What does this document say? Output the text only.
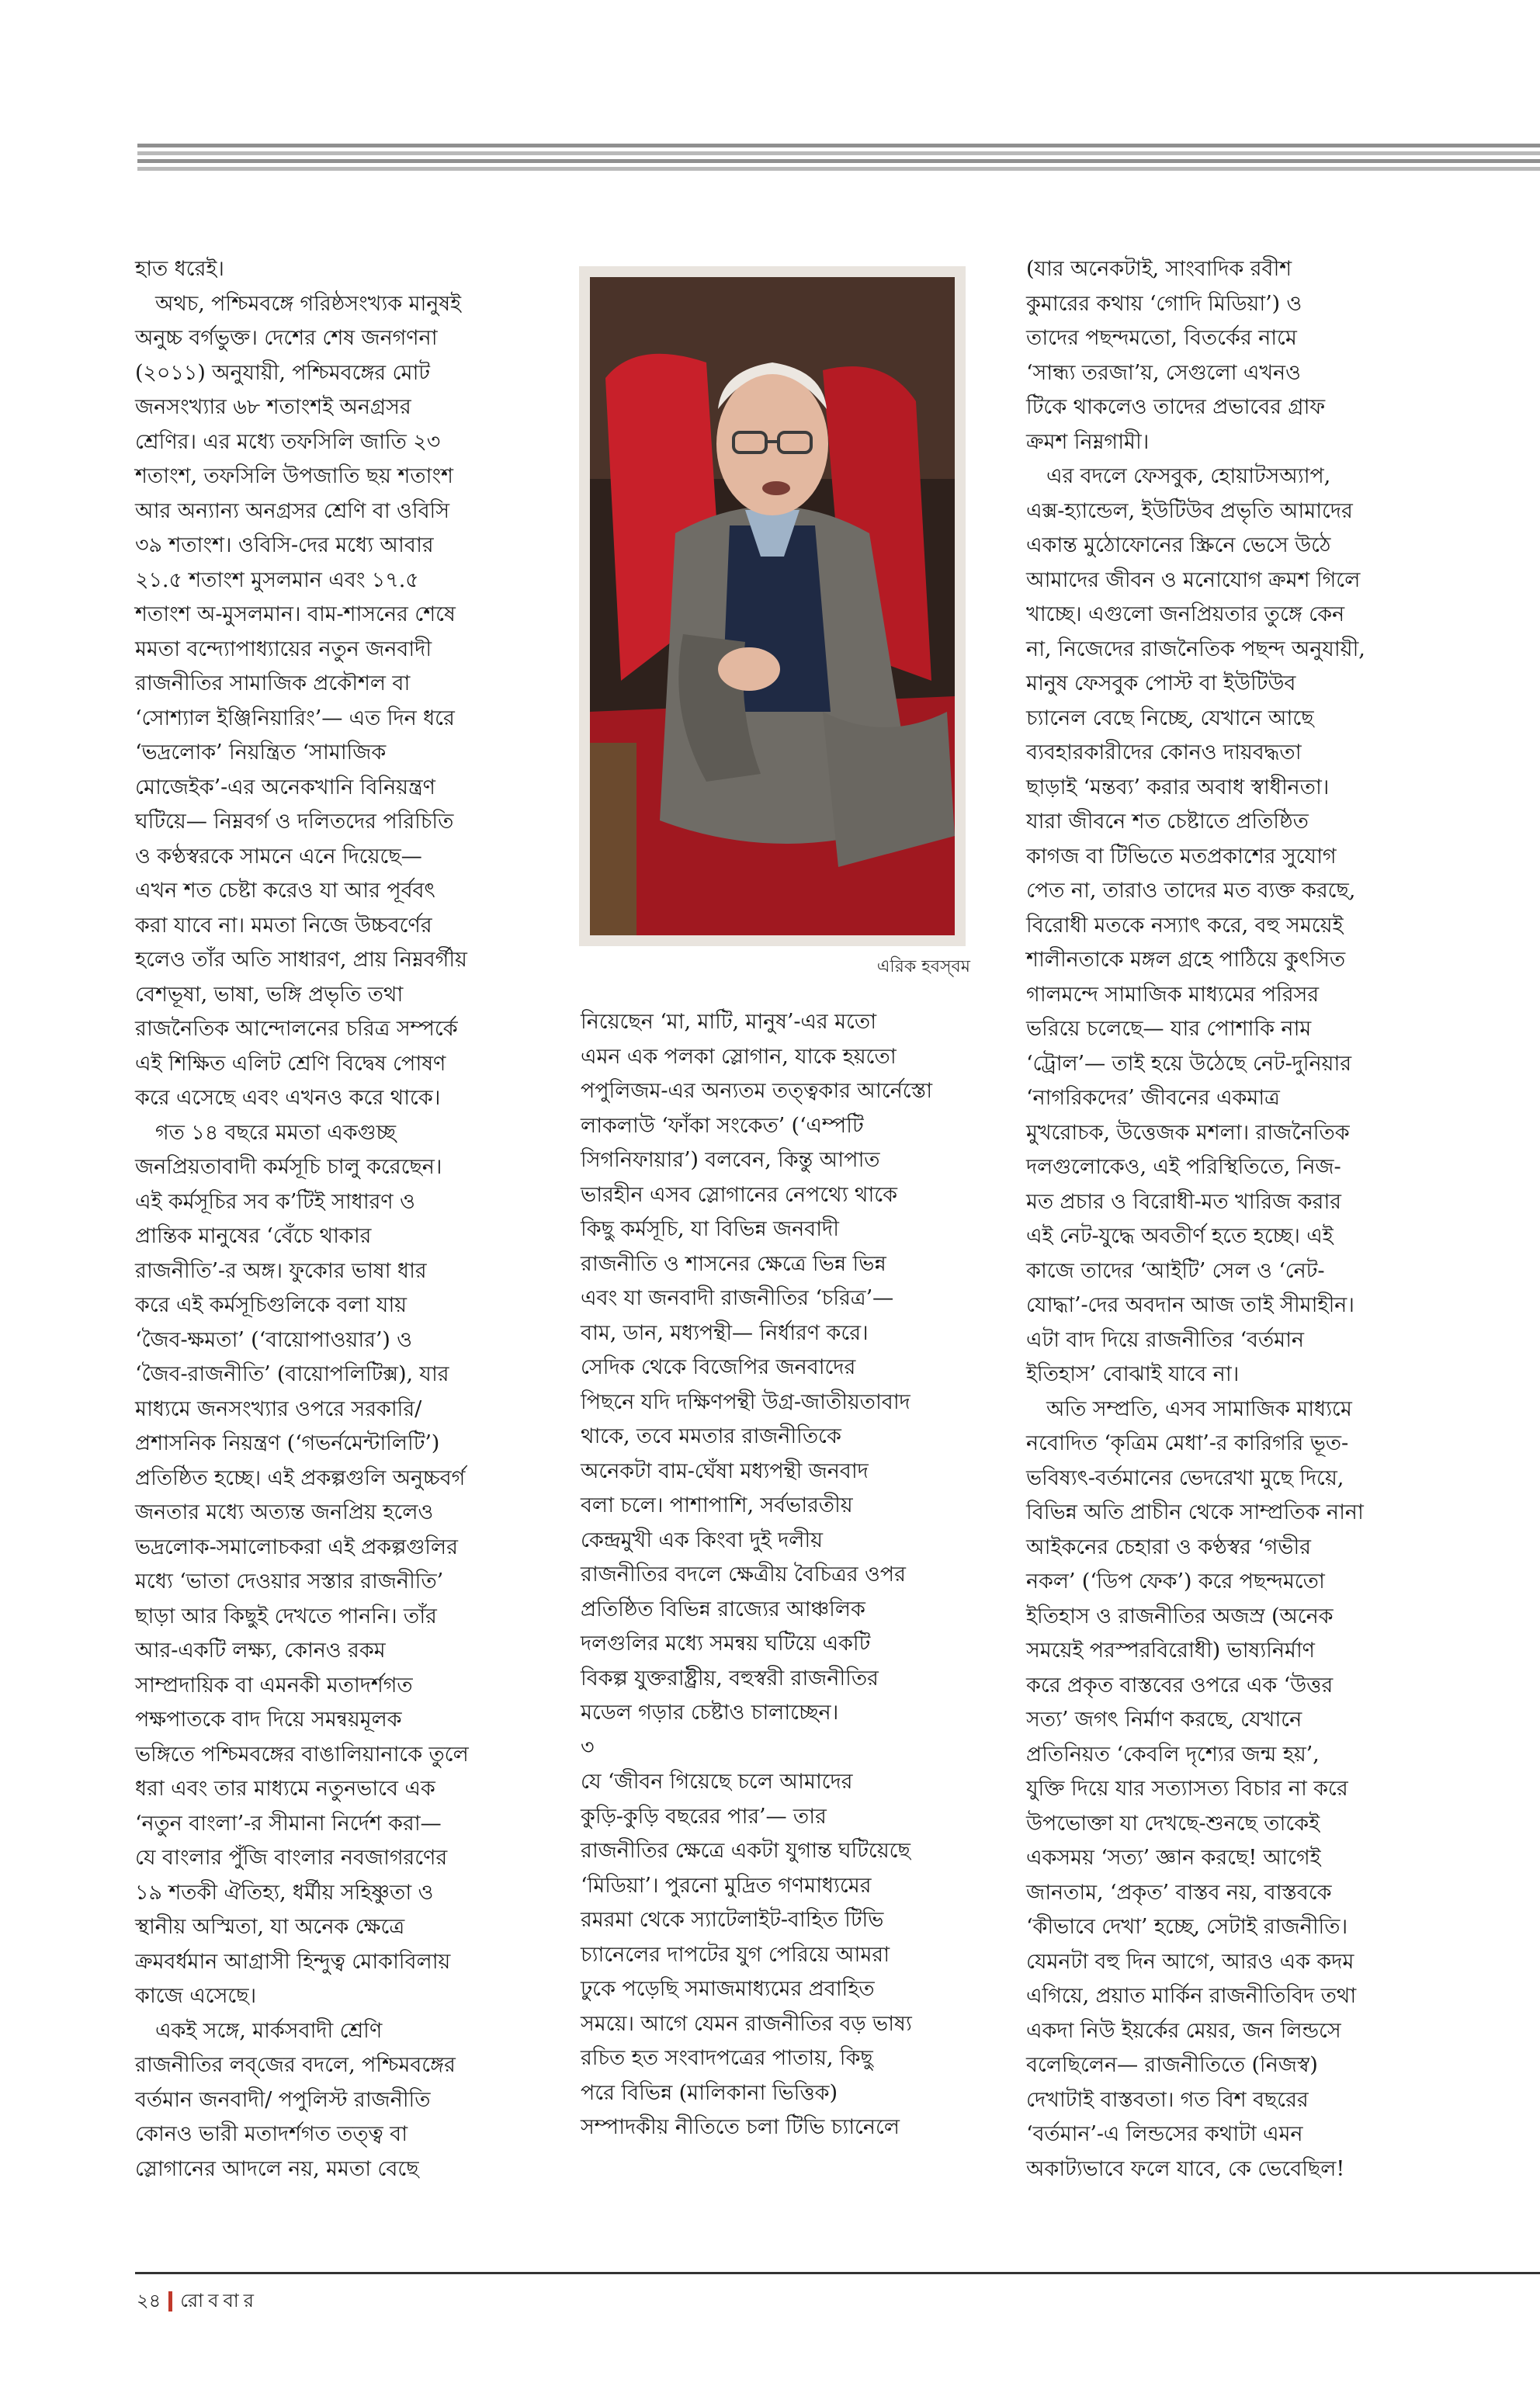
হাত ধরেই।

অথচ, পশ্চিমবঙ্গে গরিষ্ঠসংখ্যক মানুষই
অনুচ্চ বর্গভুক্ত। দেশের শেষ জনগণনা
(২০১১) অনুযায়ী, পশ্চিমবঙ্গের মোট
জনসংখ্যার ৬৮ শতাংশই অনগ্রসর
শ্রেণির। এর মধ্যে তফসিলি জাতি ২৩
শতাংশ, তফসিলি উপজাতি ছয় শতাংশ
আর অন্যান্য অনগ্রসর শ্রেণি বা ওবিসি
৩৯ শতাংশ। ওবিসি-দের মধ্যে আবার
২১.৫ শতাংশ মুসলমান এবং ১৭.৫
শতাংশ অ-মুসলমান। বাম-শাসনের শেষে
মমতা বন্দ্যোপাধ্যায়ের নতুন জনবাদী
রাজনীতির সামাজিক প্রকৌশল বা
‘সোশ্যাল ইঞ্জিনিয়ারিং’— এত দিন ধরে
‘ভদ্রলোক’ নিয়ন্ত্রিত ‘সামাজিক
মোজেইক’-এর অনেকখানি বিনিয়ন্ত্রণ
ঘটিয়ে— নিম্নবর্গ ও দলিতদের পরিচিতি
ও কণ্ঠস্বরকে সামনে এনে দিয়েছে—
এখন শত চেষ্টা করেও যা আর পূর্ববৎ
করা যাবে না। মমতা নিজে উচ্চবর্ণের
হলেও তাঁর অতি সাধারণ, প্রায় নিম্নবর্গীয়
বেশভূষা, ভাষা, ভঙ্গি প্রভৃতি তথা
রাজনৈতিক আন্দোলনের চরিত্র সম্পর্কে
এই শিক্ষিত এলিট শ্রেণি বিদ্বেষ পোষণ
করে এসেছে এবং এখনও করে থাকে।

গত ১৪ বছরে মমতা একগুচ্ছ
জনপ্রিয়তাবাদী কর্মসূচি চালু করেছেন।
এই কর্মসূচির সব ক’টিই সাধারণ ও
প্রান্তিক মানুষের ‘বেঁচে থাকার
রাজনীতি’-র অঙ্গ। ফুকোর ভাষা ধার
করে এই কর্মসূচিগুলিকে বলা যায়
‘জৈব-ক্ষমতা’ (‘বায়োপাওয়ার’) ও
‘জৈব-রাজনীতি’ (বায়োপলিটিক্স), যার
মাধ্যমে জনসংখ্যার ওপরে সরকারি/
প্রশাসনিক নিয়ন্ত্রণ (‘গভর্নমেন্টালিটি’)
প্রতিষ্ঠিত হচ্ছে। এই প্রকল্পগুলি অনুচ্চবর্গ
জনতার মধ্যে অত্যন্ত জনপ্রিয় হলেও
ভদ্রলোক-সমালোচকরা এই প্রকল্পগুলির
মধ্যে ‘ভাতা দেওয়ার সস্তার রাজনীতি’
ছাড়া আর কিছুই দেখতে পাননি। তাঁর
আর-একটি লক্ষ্য, কোনও রকম
সাম্প্রদায়িক বা এমনকী মতাদর্শগত
পক্ষপাতকে বাদ দিয়ে সমন্বয়মূলক
ভঙ্গিতে পশ্চিমবঙ্গের বাঙালিয়ানাকে তুলে
ধরা এবং তার মাধ্যমে নতুনভাবে এক
‘নতুন বাংলা’-র সীমানা নির্দেশ করা—
যে বাংলার পুঁজি বাংলার নবজাগরণের
১৯ শতকী ঐতিহ্য, ধর্মীয় সহিষ্ণুতা ও
স্থানীয় অস্মিতা, যা অনেক ক্ষেত্রে
ক্রমবর্ধমান আগ্রাসী হিন্দুত্ব মোকাবিলায়
কাজে এসেছে।

একই সঙ্গে, মার্কসবাদী শ্রেণি
রাজনীতির লব্‌জের বদলে, পশ্চিমবঙ্গের
বর্তমান জনবাদী/ পপুলিস্ট রাজনীতি
কোনও ভারী মতাদর্শগত তত্ত্ব বা
স্লোগানের আদলে নয়, মমতা বেছে

এরিক হবস্‌বম

নিয়েছেন ‘মা, মাটি, মানুষ’-এর মতো
এমন এক পলকা স্লোগান, যাকে হয়তো
পপুলিজম-এর অন্যতম তত্ত্বকার আর্নেস্তো
লাকলাউ ‘ফাঁকা সংকেত’ (‘এম্পটি
সিগনিফায়ার’) বলবেন, কিন্তু আপাত
ভারহীন এসব স্লোগানের নেপথ্যে থাকে
কিছু কর্মসূচি, যা বিভিন্ন জনবাদী
রাজনীতি ও শাসনের ক্ষেত্রে ভিন্ন ভিন্ন
এবং যা জনবাদী রাজনীতির ‘চরিত্র’—
বাম, ডান, মধ্যপন্থী— নির্ধারণ করে।
সেদিক থেকে বিজেপির জনবাদের
পিছনে যদি দক্ষিণপন্থী উগ্র-জাতীয়তাবাদ
থাকে, তবে মমতার রাজনীতিকে
অনেকটা বাম-ঘেঁষা মধ্যপন্থী জনবাদ
বলা চলে। পাশাপাশি, সর্বভারতীয়
কেন্দ্রমুখী এক কিংবা দুই দলীয়
রাজনীতির বদলে ক্ষেত্রীয় বৈচিত্রর ওপর
প্রতিষ্ঠিত বিভিন্ন রাজ্যের আঞ্চলিক
দলগুলির মধ্যে সমন্বয় ঘটিয়ে একটি
বিকল্প যুক্তরাষ্ট্রীয়, বহুস্বরী রাজনীতির
মডেল গড়ার চেষ্টাও চালাচ্ছেন।

৩

যে ‘জীবন গিয়েছে চলে আমাদের
কুড়ি-কুড়ি বছরের পার’— তার
রাজনীতির ক্ষেত্রে একটা যুগান্ত ঘটিয়েছে
‘মিডিয়া’। পুরনো মুদ্রিত গণমাধ্যমের
রমরমা থেকে স্যাটেলাইট-বাহিত টিভি
চ্যানেলের দাপটের যুগ পেরিয়ে আমরা
ঢুকে পড়েছি সমাজমাধ্যমের প্রবাহিত
সময়ে। আগে যেমন রাজনীতির বড় ভাষ্য
রচিত হত সংবাদপত্রের পাতায়, কিছু
পরে বিভিন্ন (মালিকানা ভিত্তিক)
সম্পাদকীয় নীতিতে চলা টিভি চ্যানেলে

(যার অনেকটাই, সাংবাদিক রবীশ
কুমারের কথায় ‘গোদি মিডিয়া’) ও
তাদের পছন্দমতো, বিতর্কের নামে
‘সান্ধ্য তরজা’য়, সেগুলো এখনও
টিকে থাকলেও তাদের প্রভাবের গ্রাফ
ক্রমশ নিম্নগামী।

এর বদলে ফেসবুক, হোয়াটসঅ্যাপ,
এক্স-হ্যান্ডেল, ইউটিউব প্রভৃতি আমাদের
একান্ত মুঠোফোনের স্ক্রিনে ভেসে উঠে
আমাদের জীবন ও মনোযোগ ক্রমশ গিলে
খাচ্ছে। এগুলো জনপ্রিয়তার তুঙ্গে কেন
না, নিজেদের রাজনৈতিক পছন্দ অনুযায়ী,
মানুষ ফেসবুক পোস্ট বা ইউটিউব
চ্যানেল বেছে নিচ্ছে, যেখানে আছে
ব্যবহারকারীদের কোনও দায়বদ্ধতা
ছাড়াই ‘মন্তব্য’ করার অবাধ স্বাধীনতা।
যারা জীবনে শত চেষ্টাতে প্রতিষ্ঠিত
কাগজ বা টিভিতে মতপ্রকাশের সুযোগ
পেত না, তারাও তাদের মত ব্যক্ত করছে,
বিরোধী মতকে নস্যাৎ করে, বহু সময়েই
শালীনতাকে মঙ্গল গ্রহে পাঠিয়ে কুৎসিত
গালমন্দে সামাজিক মাধ্যমের পরিসর
ভরিয়ে চলেছে— যার পোশাকি নাম
‘ট্রোল’— তাই হয়ে উঠেছে নেট-দুনিয়ার
‘নাগরিকদের’ জীবনের একমাত্র
মুখরোচক, উত্তেজক মশলা। রাজনৈতিক
দলগুলোকেও, এই পরিস্থিতিতে, নিজ-
মত প্রচার ও বিরোধী-মত খারিজ করার
এই নেট-যুদ্ধে অবতীর্ণ হতে হচ্ছে। এই
কাজে তাদের ‘আইটি’ সেল ও ‘নেট-
যোদ্ধা’-দের অবদান আজ তাই সীমাহীন।
এটা বাদ দিয়ে রাজনীতির ‘বর্তমান
ইতিহাস’ বোঝাই যাবে না।

অতি সম্প্রতি, এসব সামাজিক মাধ্যমে
নবোদিত ‘কৃত্রিম মেধা’-র কারিগরি ভূত-
ভবিষ্যৎ-বর্তমানের ভেদরেখা মুছে দিয়ে,
বিভিন্ন অতি প্রাচীন থেকে সাম্প্রতিক নানা
আইকনের চেহারা ও কণ্ঠস্বর ‘গভীর
নকল’ (‘ডিপ ফেক’) করে পছন্দমতো
ইতিহাস ও রাজনীতির অজস্র (অনেক
সময়েই পরস্পরবিরোধী) ভাষ্যনির্মাণ
করে প্রকৃত বাস্তবের ওপরে এক ‘উত্তর
সত্য’ জগৎ নির্মাণ করছে, যেখানে
প্রতিনিয়ত ‘কেবলি দৃশ্যের জন্ম হয়’,
যুক্তি দিয়ে যার সত্যাসত্য বিচার না করে
উপভোক্তা যা দেখছে-শুনছে তাকেই
একসময় ‘সত্য’ জ্ঞান করছে! আগেই
জানতাম, ‘প্রকৃত’ বাস্তব নয়, বাস্তবকে
‘কীভাবে দেখা’ হচ্ছে, সেটাই রাজনীতি।
যেমনটা বহু দিন আগে, আরও এক কদম
এগিয়ে, প্রয়াত মার্কিন রাজনীতিবিদ তথা
একদা নিউ ইয়র্কের মেয়র, জন লিন্ডসে
বলেছিলেন— রাজনীতিতে (নিজস্ব)
দেখাটাই বাস্তবতা। গত বিশ বছরের
‘বর্তমান’-এ লিন্ডসের কথাটা এমন
অকাট্যভাবে ফলে যাবে, কে ভেবেছিল!

২৪ রোববার
